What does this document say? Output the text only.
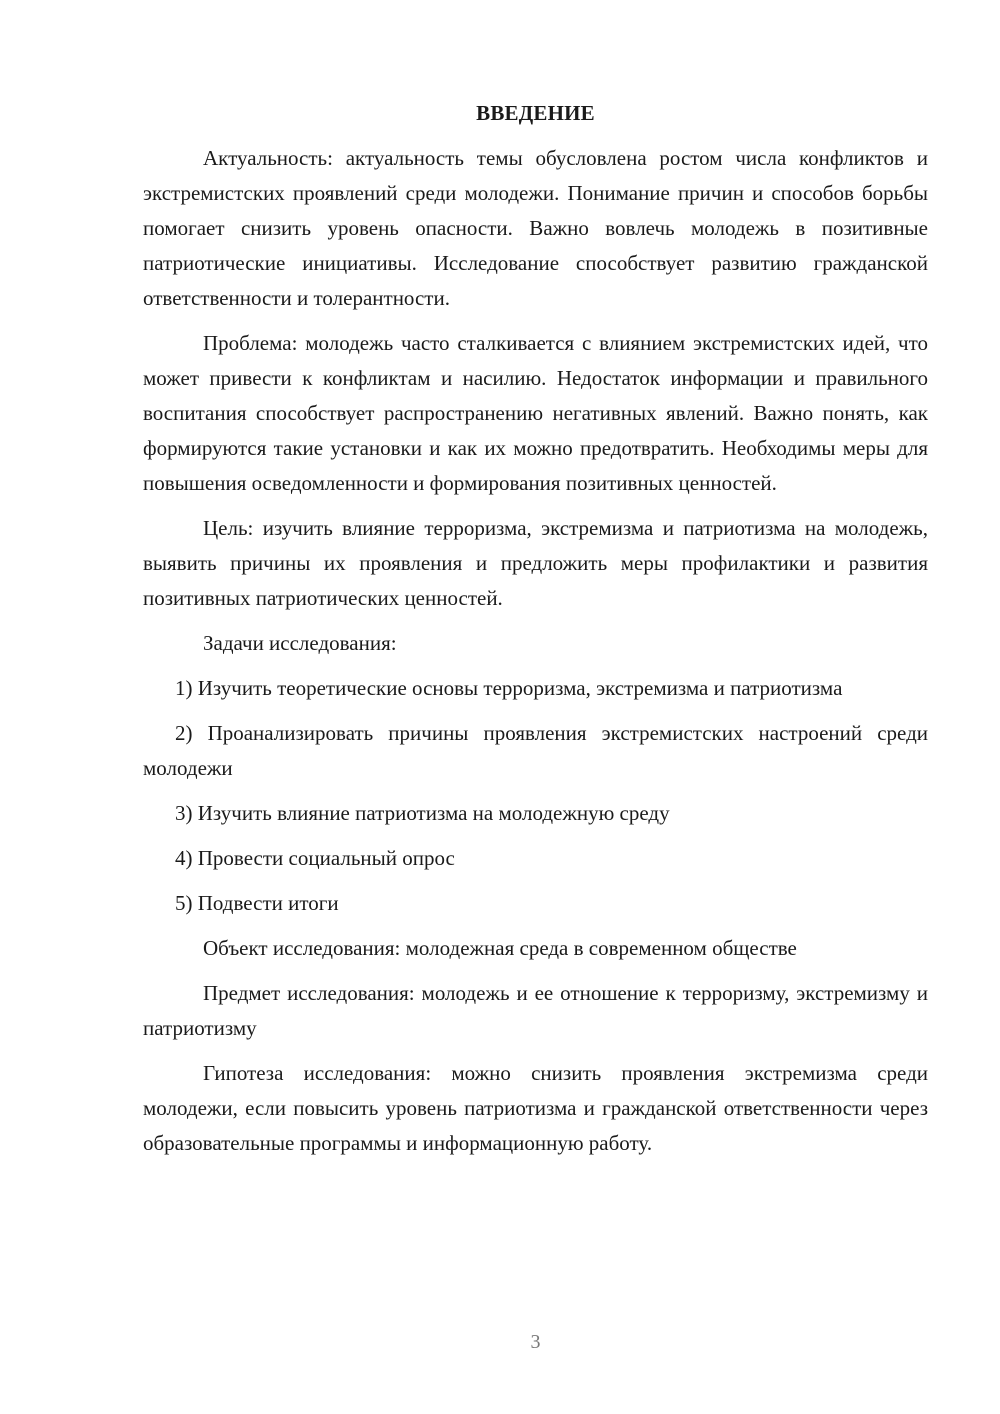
ВВЕДЕНИЕ

Актуальность: актуальность темы обусловлена ростом числа конфликтов и экстремистских проявлений среди молодежи. Понимание причин и способов борьбы помогает снизить уровень опасности. Важно вовлечь молодежь в позитивные патриотические инициативы. Исследование способствует развитию гражданской ответственности и толерантности.

Проблема: молодежь часто сталкивается с влиянием экстремистских идей, что может привести к конфликтам и насилию. Недостаток информации и правильного воспитания способствует распространению негативных явлений. Важно понять, как формируются такие установки и как их можно предотвратить. Необходимы меры для повышения осведомленности и формирования позитивных ценностей.

Цель: изучить влияние терроризма, экстремизма и патриотизма на молодежь, выявить причины их проявления и предложить меры профилактики и развития позитивных патриотических ценностей.

Задачи исследования:

1) Изучить теоретические основы терроризма, экстремизма и патриотизма

2) Проанализировать причины проявления экстремистских настроений среди молодежи

3) Изучить влияние патриотизма на молодежную среду

4) Провести социальный опрос

5) Подвести итоги

Объект исследования: молодежная среда в современном обществе

Предмет исследования: молодежь и ее отношение к терроризму, экстремизму и патриотизму

Гипотеза исследования: можно снизить проявления экстремизма среди молодежи, если повысить уровень патриотизма и гражданской ответственности через образовательные программы и информационную работу.

3
